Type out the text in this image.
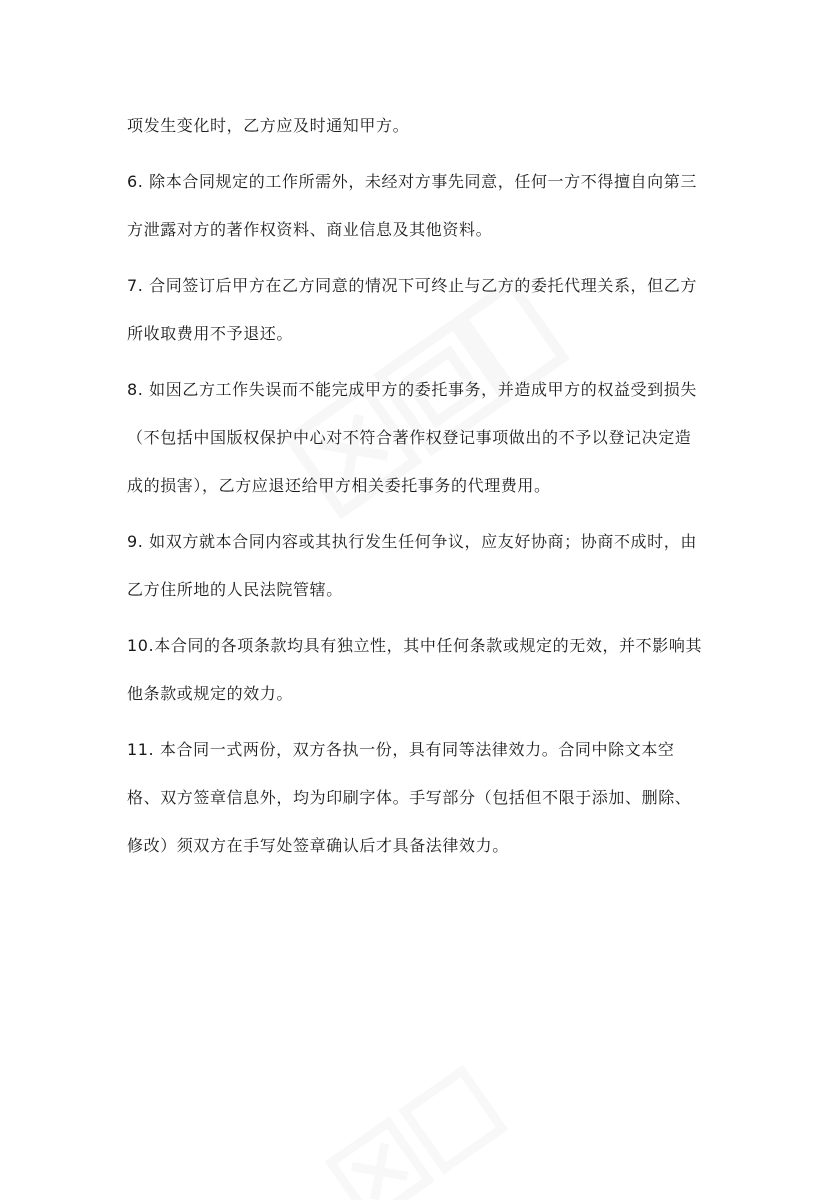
项发生变化时，乙方应及时通知甲方。

6. 除本合同规定的工作所需外，未经对方事先同意，任何一方不得擅自向第三
方泄露对方的著作权资料、商业信息及其他资料。

7. 合同签订后甲方在乙方同意的情况下可终止与乙方的委托代理关系，但乙方
所收取费用不予退还。

8. 如因乙方工作失误而不能完成甲方的委托事务，并造成甲方的权益受到损失
（不包括中国版权保护中心对不符合著作权登记事项做出的不予以登记决定造
成的损害），乙方应退还给甲方相关委托事务的代理费用。

9. 如双方就本合同内容或其执行发生任何争议，应友好协商；协商不成时，由
乙方住所地的人民法院管辖。

10.本合同的各项条款均具有独立性，其中任何条款或规定的无效，并不影响其
他条款或规定的效力。

11. 本合同一式两份，双方各执一份，具有同等法律效力。合同中除文本空
格、双方签章信息外，均为印刷字体。手写部分（包括但不限于添加、删除、
修改）须双方在手写处签章确认后才具备法律效力。
